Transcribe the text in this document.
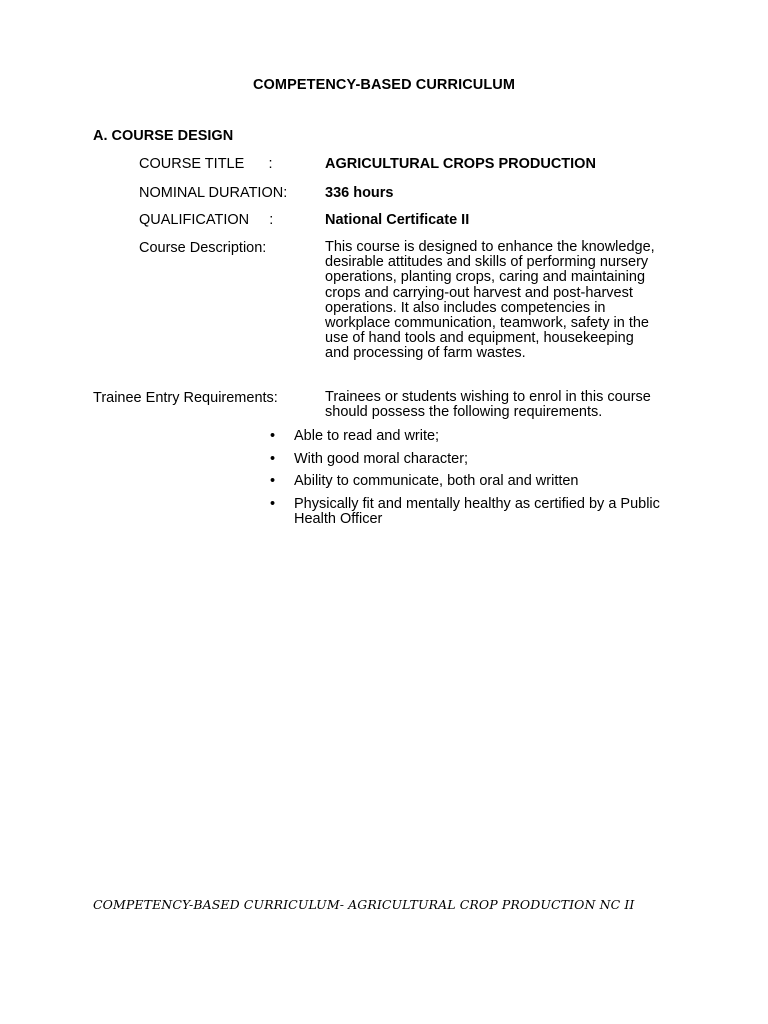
COMPETENCY-BASED CURRICULUM
A. COURSE DESIGN
COURSE TITLE      :	AGRICULTURAL CROPS PRODUCTION
NOMINAL DURATION:	336 hours
QUALIFICATION     :	National Certificate II
Course Description:	This course is designed to enhance the knowledge, desirable attitudes and skills of performing nursery operations, planting crops, caring and maintaining crops and carrying-out harvest and post-harvest operations. It also includes competencies in workplace communication, teamwork, safety in the use of hand tools and equipment, housekeeping and processing of farm wastes.
Trainee Entry Requirements:	Trainees or students wishing to enrol in this course should possess the following requirements.
• Able to read and write;
• With good moral character;
• Ability to communicate, both oral and written
• Physically fit and mentally healthy as certified by a Public Health Officer
COMPETENCY-BASED CURRICULUM- AGRICULTURAL CROP PRODUCTION NC II
